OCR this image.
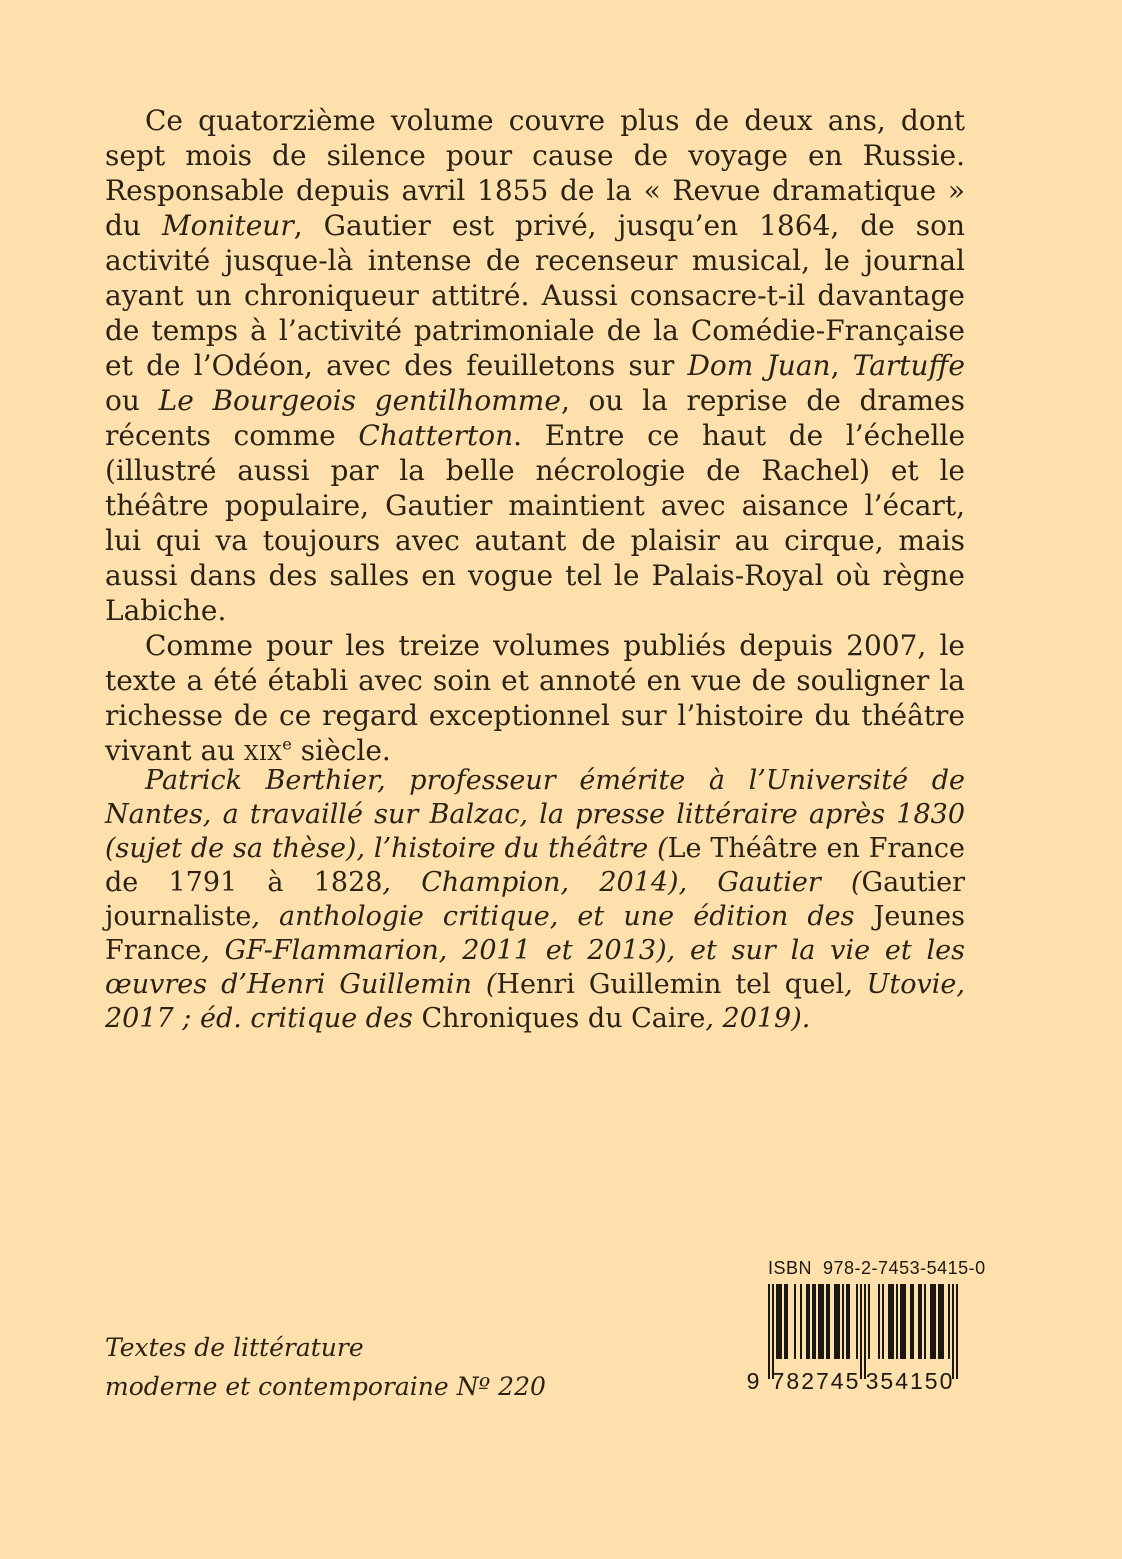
Ce quatorzième volume couvre plus de deux ans, dont sept mois de silence pour cause de voyage en Russie. Responsable depuis avril 1855 de la « Revue dramatique » du Moniteur, Gautier est privé, jusqu’en 1864, de son activité jusque-là intense de recenseur musical, le journal ayant un chroniqueur attitré. Aussi consacre-t-il davantage de temps à l’activité patrimoniale de la Comédie-Française et de l’Odéon, avec des feuilletons sur Dom Juan, Tartuffe ou Le Bourgeois gentilhomme, ou la reprise de drames récents comme Chatterton. Entre ce haut de l’échelle (illustré aussi par la belle nécrologie de Rachel) et le théâtre populaire, Gautier maintient avec aisance l’écart, lui qui va toujours avec autant de plaisir au cirque, mais aussi dans des salles en vogue tel le Palais-Royal où règne Labiche.

Comme pour les treize volumes publiés depuis 2007, le texte a été établi avec soin et annoté en vue de souligner la richesse de ce regard exceptionnel sur l’histoire du théâtre vivant au XIXe siècle.

Patrick Berthier, professeur émérite à l’Université de Nantes, a travaillé sur Balzac, la presse littéraire après 1830 (sujet de sa thèse), l’histoire du théâtre (Le Théâtre en France de 1791 à 1828, Champion, 2014), Gautier (Gautier journaliste, anthologie critique, et une édition des Jeunes France, GF-Flammarion, 2011 et 2013), et sur la vie et les œuvres d’Henri Guillemin (Henri Guillemin tel quel, Utovie, 2017 ; éd. critique des Chroniques du Caire, 2019).
Textes de littérature
moderne et contemporaine Nº 220
ISBN  978-2-7453-5415-0
9 782745 354150
